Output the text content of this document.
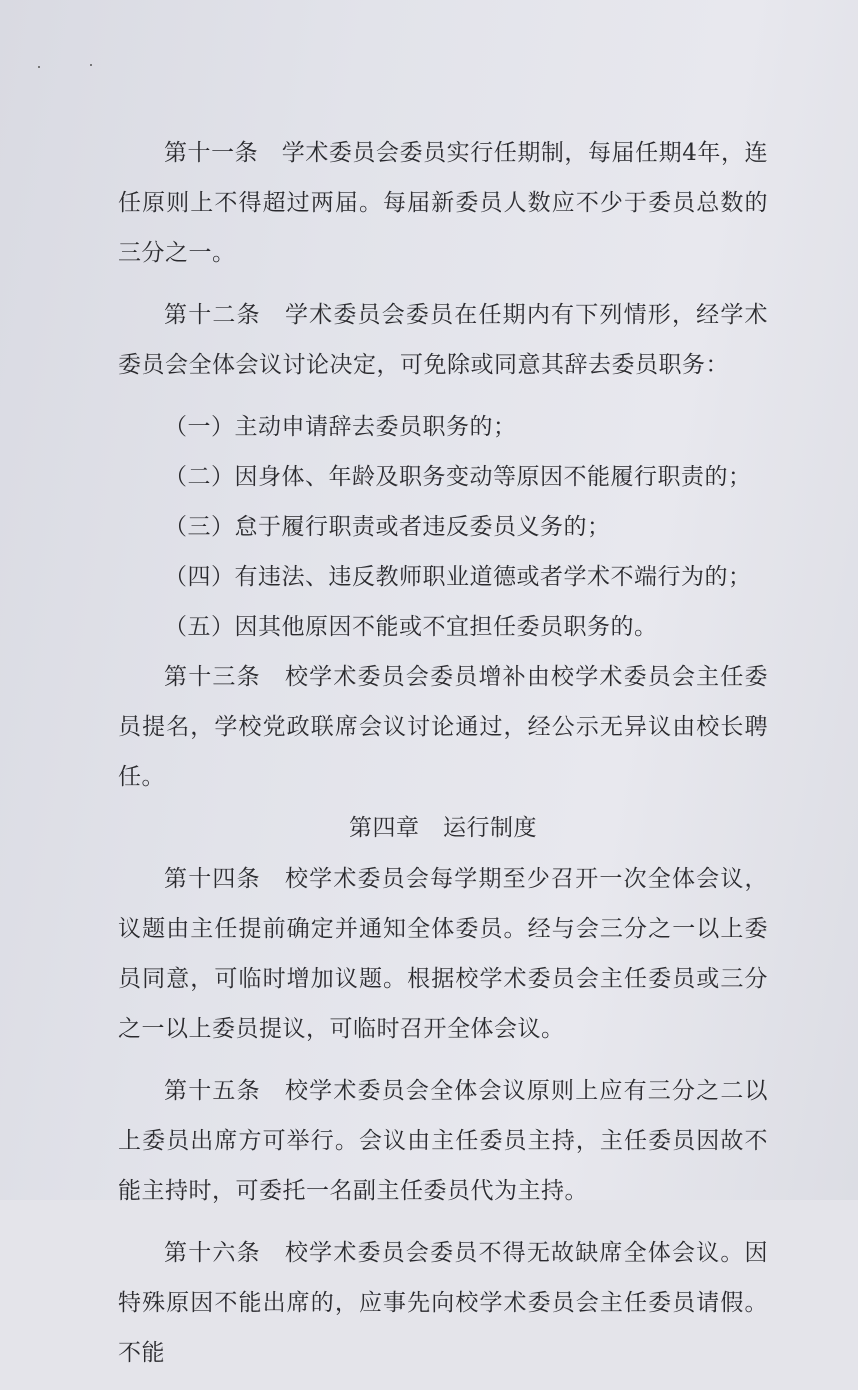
第十一条　学术委员会委员实行任期制，每届任期4年，连任原则上不得超过两届。每届新委员人数应不少于委员总数的三分之一。

第十二条　学术委员会委员在任期内有下列情形，经学术委员会全体会议讨论决定，可免除或同意其辞去委员职务：

（一）主动申请辞去委员职务的；

（二）因身体、年龄及职务变动等原因不能履行职责的；

（三）怠于履行职责或者违反委员义务的；

（四）有违法、违反教师职业道德或者学术不端行为的；

（五）因其他原因不能或不宜担任委员职务的。

第十三条　校学术委员会委员增补由校学术委员会主任委员提名，学校党政联席会议讨论通过，经公示无异议由校长聘任。

第四章　运行制度

第十四条　校学术委员会每学期至少召开一次全体会议，议题由主任提前确定并通知全体委员。经与会三分之一以上委员同意，可临时增加议题。根据校学术委员会主任委员或三分之一以上委员提议，可临时召开全体会议。

第十五条　校学术委员会全体会议原则上应有三分之二以上委员出席方可举行。会议由主任委员主持，主任委员因故不能主持时，可委托一名副主任委员代为主持。

第十六条　校学术委员会委员不得无故缺席全体会议。因特殊原因不能出席的，应事先向校学术委员会主任委员请假。不能
